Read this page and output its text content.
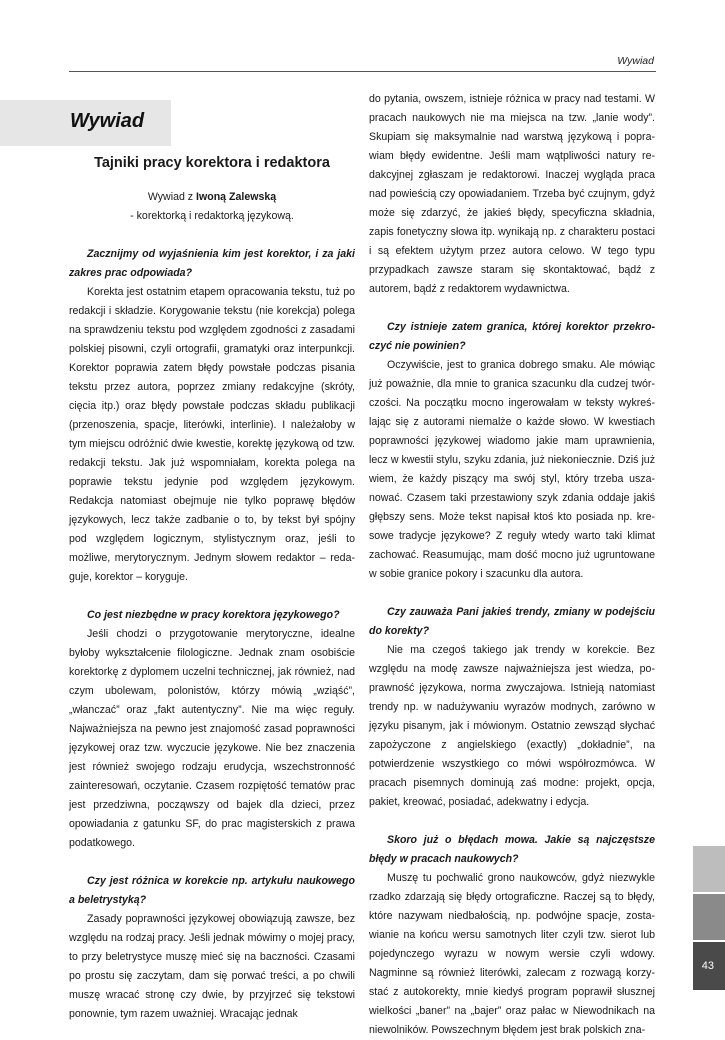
Wywiad
Wywiad
Tajniki pracy korektora i redaktora
Wywiad z Iwoną Zalewską
- korektorką i redaktorką językową.

Zacznijmy od wyjaśnienia kim jest korektor, i za jaki zakres prac odpowiada?

Korekta jest ostatnim etapem opracowania tekstu, tuż po redakcji i składzie. Korygowanie tekstu (nie korekcja) polega na sprawdzeniu tekstu pod względem zgodności z zasadami polskiej pisowni, czyli ortografii, gramatyki oraz interpunkcji. Korektor poprawia zatem błędy powstałe podczas pisania tekstu przez autora, poprzez zmiany redakcyjne (skróty, cięcia itp.) oraz błędy powstałe podczas składu publikacji (przenoszenia, spacje, literówki, interlinie). I należałoby w tym miejscu odróżnić dwie kwestie, korektę językową od tzw. redakcji tekstu. Jak już wspomniałam, korekta polega na poprawie tekstu jedynie pod względem językowym. Redakcja natomiast obejmuje nie tylko poprawę błędów językowych, lecz także zadbanie o to, by tekst był spójny pod względem logicznym, stylistycznym oraz, jeśli to możliwe, merytorycznym. Jednym słowem redaktor – redaguje, korektor – koryguje.

Co jest niezbędne w pracy korektora językowego?

Jeśli chodzi o przygotowanie merytoryczne, idealne byłoby wykształcenie filologiczne. Jednak znam osobiście korektorkę z dyplomem uczelni technicznej, jak również, nad czym ubolewam, polonistów, którzy mówią „wziąść”, „włanczać” oraz „fakt autentyczny”. Nie ma więc reguły. Najważniejsza na pewno jest znajomość zasad poprawności językowej oraz tzw. wyczucie językowe. Nie bez znaczenia jest również swojego rodzaju erudycja, wszechstronność zainteresowań, oczytanie. Czasem rozpiętość tematów prac jest przedziwna, począwszy od bajek dla dzieci, przez opowiadania z gatunku SF, do prac magisterskich z prawa podatkowego.

Czy jest różnica w korekcie np. artykułu naukowego a beletrystyką?

Zasady poprawności językowej obowiązują zawsze, bez względu na rodzaj pracy. Jeśli jednak mówimy o mojej pracy, to przy beletrystyce muszę mieć się na baczności. Czasami po prostu się zaczytam, dam się porwać treści, a po chwili muszę wracać stronę czy dwie, by przyjrzeć się tekstowi ponownie, tym razem uważniej. Wracając jednak

do pytania, owszem, istnieje różnica w pracy nad testami. W pracach naukowych nie ma miejsca na tzw. „lanie wody”. Skupiam się maksymalnie nad warstwą językową i poprawiam błędy ewidentne. Jeśli mam wątpliwości natury redakcyjnej zgłaszam je redaktorowi. Inaczej wygląda praca nad powieścią czy opowiadaniem. Trzeba być czujnym, gdyż może się zdarzyć, że jakieś błędy, specyficzna składnia, zapis fonetyczny słowa itp. wynikają np. z charakteru postaci i są efektem użytym przez autora celowo. W tego typu przypadkach zawsze staram się skontaktować, bądź z autorem, bądź z redaktorem wydawnictwa.

Czy istnieje zatem granica, której korektor przekroczyć nie powinien?

Oczywiście, jest to granica dobrego smaku. Ale mówiąc już poważnie, dla mnie to granica szacunku dla cudzej twórczości. Na początku mocno ingerowałam w teksty wykreślając się z autorami niemalże o każde słowo. W kwestiach poprawności językowej wiadomo jakie mam uprawnienia, lecz w kwestii stylu, szyku zdania, już niekoniecznie. Dziś już wiem, że każdy piszący ma swój styl, który trzeba uszanować. Czasem taki przestawiony szyk zdania oddaje jakiś głębszy sens. Może tekst napisał ktoś kto posiada np. kresowe tradycje językowe? Z reguły wtedy warto taki klimat zachować. Reasumując, mam dość mocno już ugruntowane w sobie granice pokory i szacunku dla autora.

Czy zauważa Pani jakieś trendy, zmiany w podejściu do korekty?

Nie ma czegoś takiego jak trendy w korekcie. Bez względu na modę zawsze najważniejsza jest wiedza, poprawność językowa, norma zwyczajowa. Istnieją natomiast trendy np. w nadużywaniu wyrazów modnych, zarówno w języku pisanym, jak i mówionym. Ostatnio zewsząd słychać zapożyczone z angielskiego (exactly) „dokładnie”, na potwierdzenie wszystkiego co mówi współrozmówca. W pracach pisemnych dominują zaś modne: projekt, opcja, pakiet, kreować, posiadać, adekwatny i edycja.

Skoro już o błędach mowa. Jakie są najczęstsze błędy w pracach naukowych?

Muszę tu pochwalić grono naukowców, gdyż niezwykle rzadko zdarzają się błędy ortograficzne. Raczej są to błędy, które nazywam niedbałością, np. podwójne spacje, zostawianie na końcu wersu samotnych liter czyli tzw. sierot lub pojedynczego wyrazu w nowym wersie czyli wdowy. Nagminne są również literówki, zalecam z rozwagą korzystać z autokorekty, mnie kiedyś program poprawił słusznej wielkości „baner” na „bajer” oraz pałac w Niewodnikach na niewolników. Powszechnym błędem jest brak polskich zna-

43
